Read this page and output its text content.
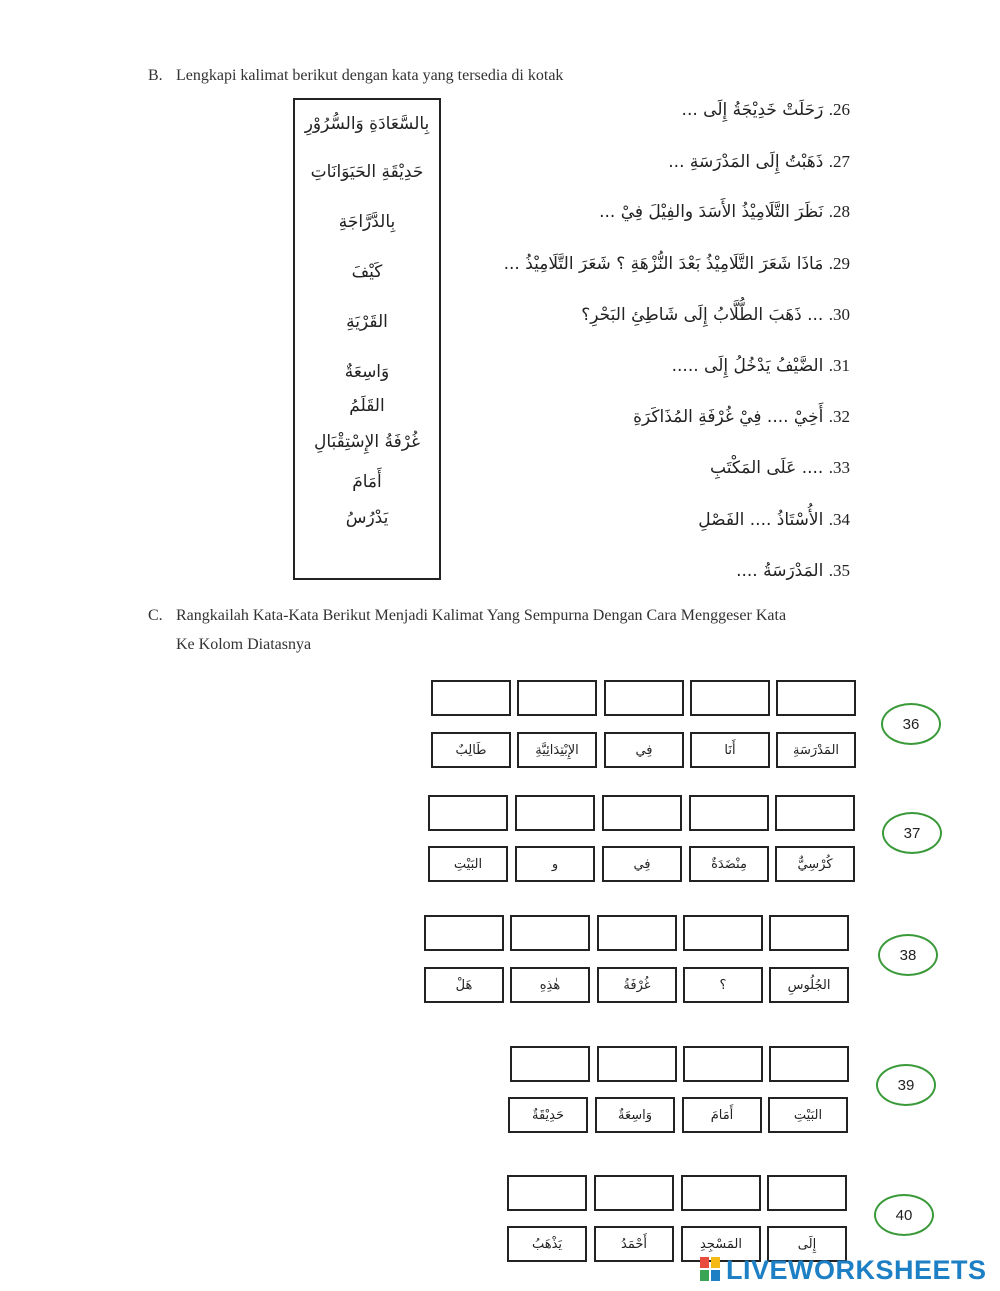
B. Lengkapi kalimat berikut dengan kata yang tersedia di kotak
بِالسَّعَادَةِ وَالسُّرُوْرِ
حَدِيْقَةِ الحَيَوَانَاتِ
بِالدَّرَّاجَةِ
كَيْفَ
القَرْيَةِ
وَاسِعَةٌ
القَلَمُ
غُرْفَةُ الإِسْتِقْبَالِ
أَمَامَ
يَدْرُسُ
26. رَحَلَتْ خَدِيْجَةُ إِلَى ...
27. ذَهَبْتُ إِلَى المَدْرَسَةِ ...
28. نَظَرَ التَّلَامِيْذُ الأَسَدَ والفِيْلَ فِيْ ...
29. مَاذَا شَعَرَ التَّلَامِيْذُ بَعْدَ النُّزْهَةِ ؟ شَعَرَ التَّلَامِيْذُ ...
30. ... ذَهَبَ الطُّلَّابُ إِلَى شَاطِئِ البَحْرِ؟
31. الضَّيْفُ يَدْخُلُ إِلَى .....
32. أَخِيْ .... فِيْ غُرْفَةِ المُذَاكَرَةِ
33. .... عَلَى المَكْتَبِ
34. الأُسْتَاذُ .... الفَصْلِ
35. المَدْرَسَةُ ....
C. Rangkailah Kata-Kata Berikut Menjadi Kalimat Yang Sempurna Dengan Cara Menggeser Kata
Ke Kolom Diatasnya
طَالِبٌ	الإِبْتِدَائِيَّةِ	فِي	أَنَا	المَدْرَسَةِ
36
البَيْتِ	و	فِي	مِنْضَدَةٌ	كُرْسِيٌّ
37
هَلْ	هٰذِهِ	غُرْفَةُ	؟	الجُلُوسِ
38
حَدِيْقَةٌ	وَاسِعَةٌ	أَمَامَ	البَيْتِ
39
يَذْهَبُ	أَحْمَدُ	المَسْجِدِ	إِلَى
40
LIVEWORKSHEETS
